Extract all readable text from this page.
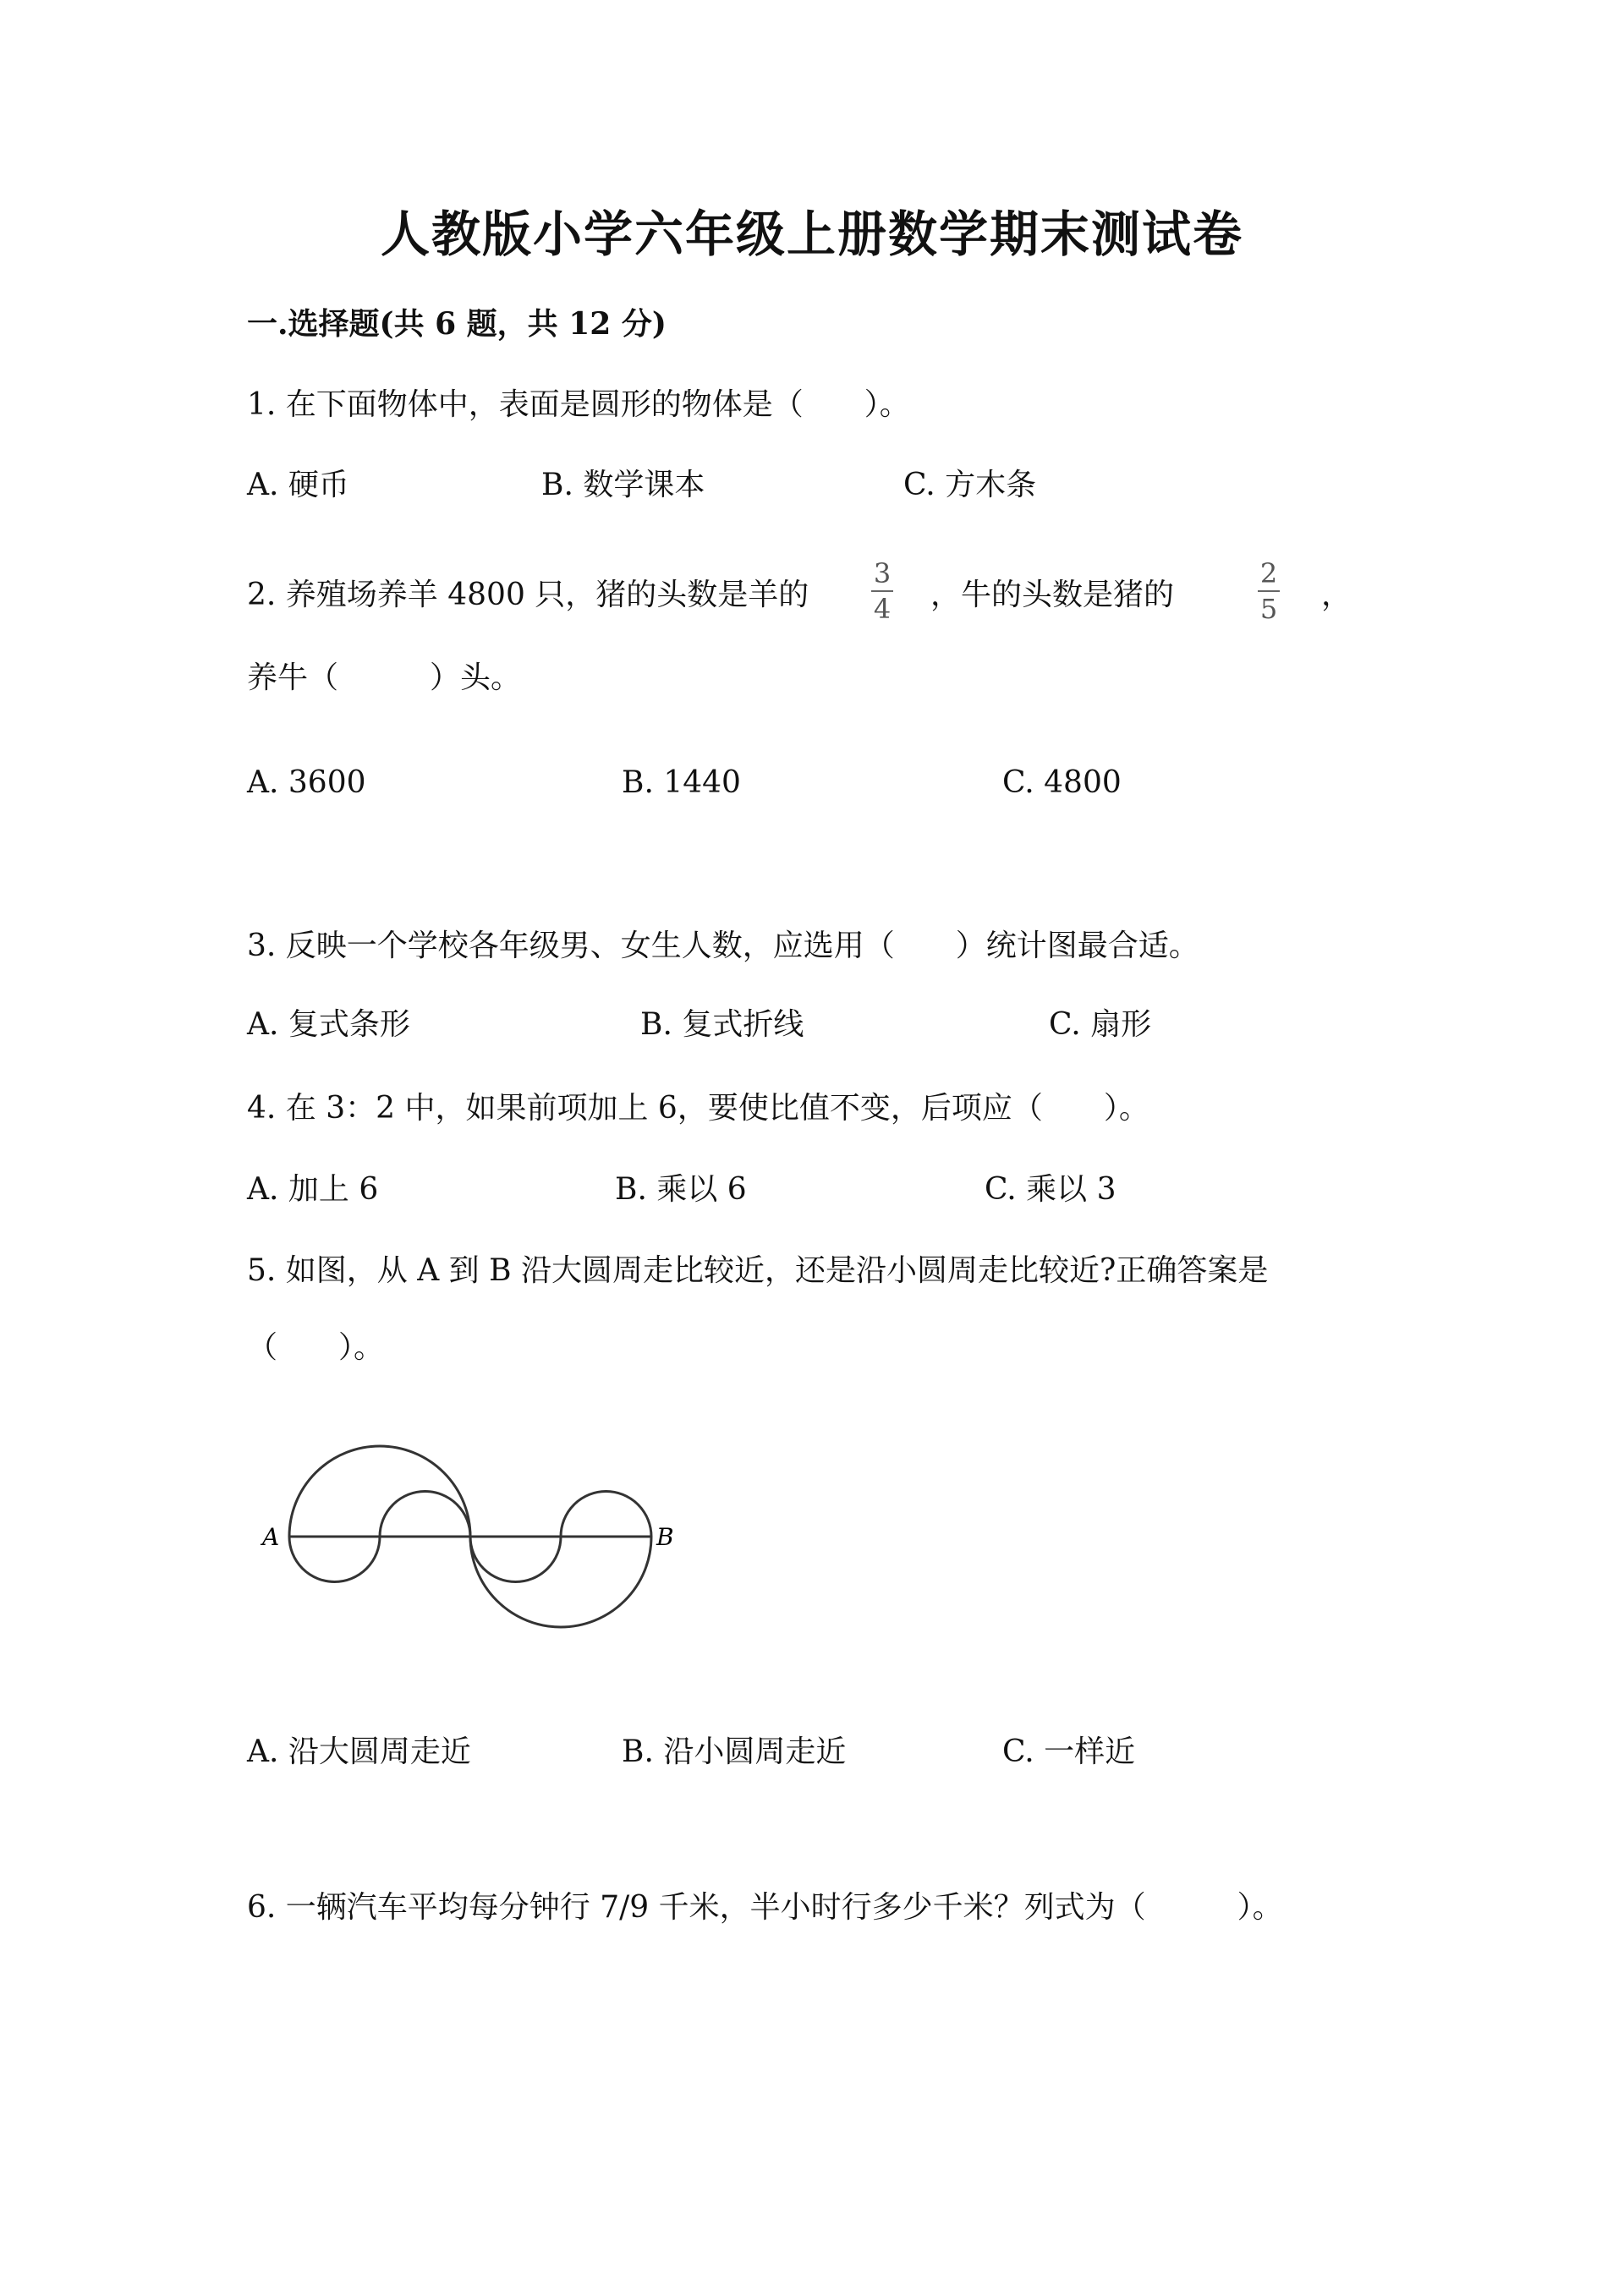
人教版小学六年级上册数学期末测试卷
一.选择题(共 6 题，共 12 分)
1. 在下面物体中，表面是圆形的物体是（　　）。
A. 硬币	B. 数学课本	C. 方木条
2. 养殖场养羊 4800 只，猪的头数是羊的
3
4 ，牛的头数是猪的
2
5 ，
养牛（　　　）头。
A. 3600	B. 1440	C. 4800
3. 反映一个学校各年级男、女生人数，应选用（　　）统计图最合适。
A. 复式条形	B. 复式折线	C. 扇形
4. 在 3：2 中，如果前项加上 6，要使比值不变，后项应（　　）。
A. 加上 6	B. 乘以 6	C. 乘以 3
5. 如图，从 A 到 B 沿大圆周走比较近，还是沿小圆周走比较近?正确答案是
（　　）。
A	B
A. 沿大圆周走近	B. 沿小圆周走近	C. 一样近
6. 一辆汽车平均每分钟行 7/9 千米，半小时行多少千米？列式为（　　　）。
